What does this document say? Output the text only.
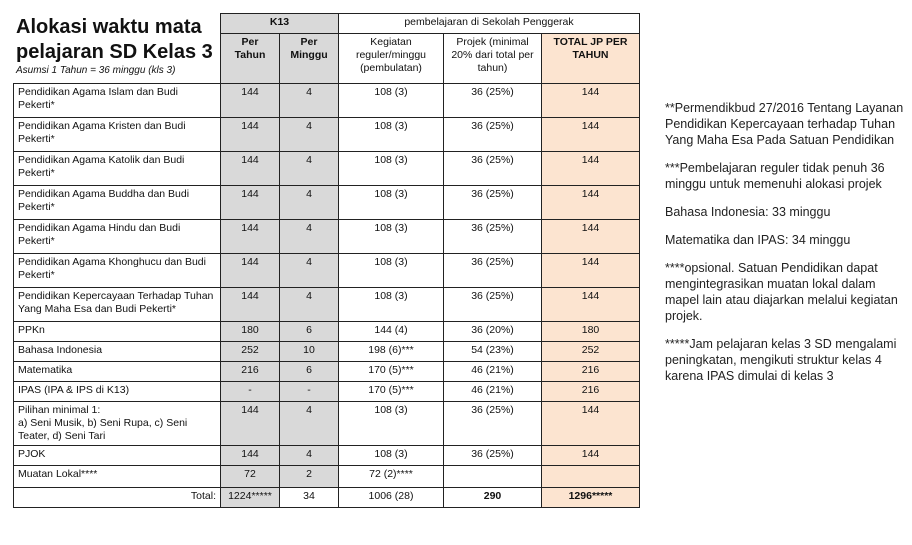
	K13		pembelajaran di Sekolah Penggerak		
	Per Tahun	Per Minggu	Kegiatan reguler/minggu (pembulatan)	Projek (minimal 20% dari total per tahun)	TOTAL JP PER TAHUN
Pendidikan Agama Islam dan Budi Pekerti*	144	4	108 (3)	36 (25%)	144
Pendidikan Agama Kristen dan Budi Pekerti*	144	4	108 (3)	36 (25%)	144
Pendidikan Agama Katolik dan Budi Pekerti*	144	4	108 (3)	36 (25%)	144
Pendidikan Agama Buddha dan Budi Pekerti*	144	4	108 (3)	36 (25%)	144
Pendidikan Agama Hindu dan Budi Pekerti*	144	4	108 (3)	36 (25%)	144
Pendidikan Agama Khonghucu dan Budi Pekerti*	144	4	108 (3)	36 (25%)	144
Pendidikan Kepercayaan Terhadap Tuhan Yang Maha Esa dan Budi Pekerti*	144	4	108 (3)	36 (25%)	144
PPKn	180	6	144 (4)	36 (20%)	180
Bahasa Indonesia	252	10	198 (6)***	54 (23%)	252
Matematika	216	6	170 (5)***	46 (21%)	216
IPAS (IPA & IPS di K13)	-	-	170 (5)***	46 (21%)	216
Pilihan minimal 1:
a) Seni Musik, b) Seni Rupa, c) Seni Teater, d) Seni Tari	144	4	108 (3)	36 (25%)	144
PJOK	144	4	108 (3)	36 (25%)	144
Muatan Lokal****	72	2	72 (2)****		
Total:	1224*****	34	1006 (28)	290	1296*****
Alokasi waktu mata pelajaran SD Kelas 3
Asumsi 1 Tahun = 36 minggu (kls 3)

**Permendikbud 27/2016 Tentang Layanan Pendidikan Kepercayaan terhadap Tuhan Yang Maha Esa Pada Satuan Pendidikan

***Pembelajaran reguler tidak penuh 36 minggu untuk memenuhi alokasi projek

Bahasa Indonesia: 33 minggu

Matematika dan IPAS: 34 minggu

****opsional. Satuan Pendidikan dapat mengintegrasikan muatan lokal dalam mapel lain atau diajarkan melalui kegiatan projek.

*****Jam pelajaran kelas 3 SD mengalami peningkatan, mengikuti struktur kelas 4 karena IPAS dimulai di kelas 3
